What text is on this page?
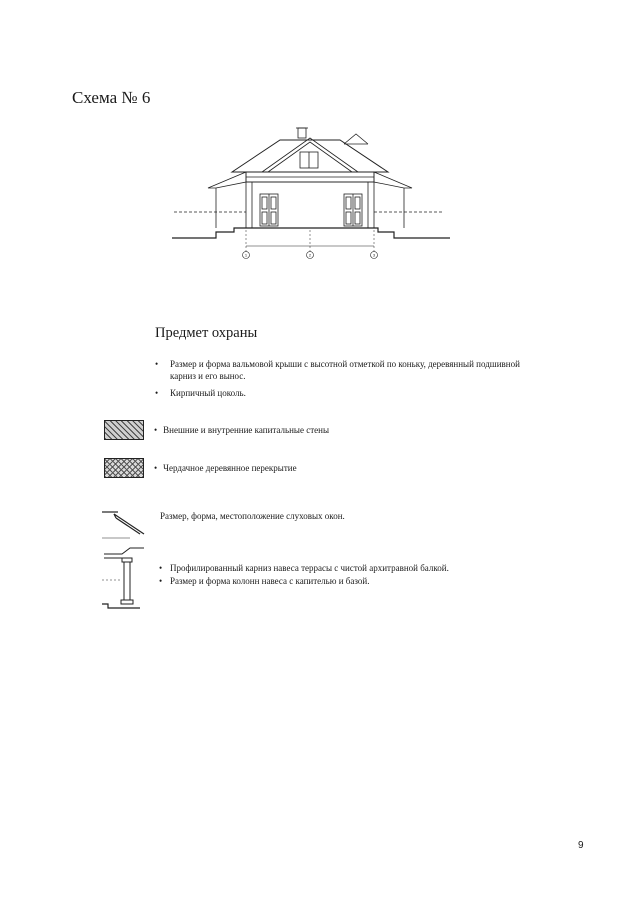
Схема № 6
1	2	3
Предмет охраны
• Размер и форма вальмовой крыши с высотной отметкой по коньку, деревянный подшивной карниз и его вынос.
• Кирпичный цоколь.
• Внешние и внутренние капитальные стены
• Чердачное деревянное перекрытие
Размер, форма, местоположение слуховых окон.
• Профилированный карниз навеса террасы с чистой архитравной балкой.
• Размер и форма колонн навеса с капителью и базой.
9
